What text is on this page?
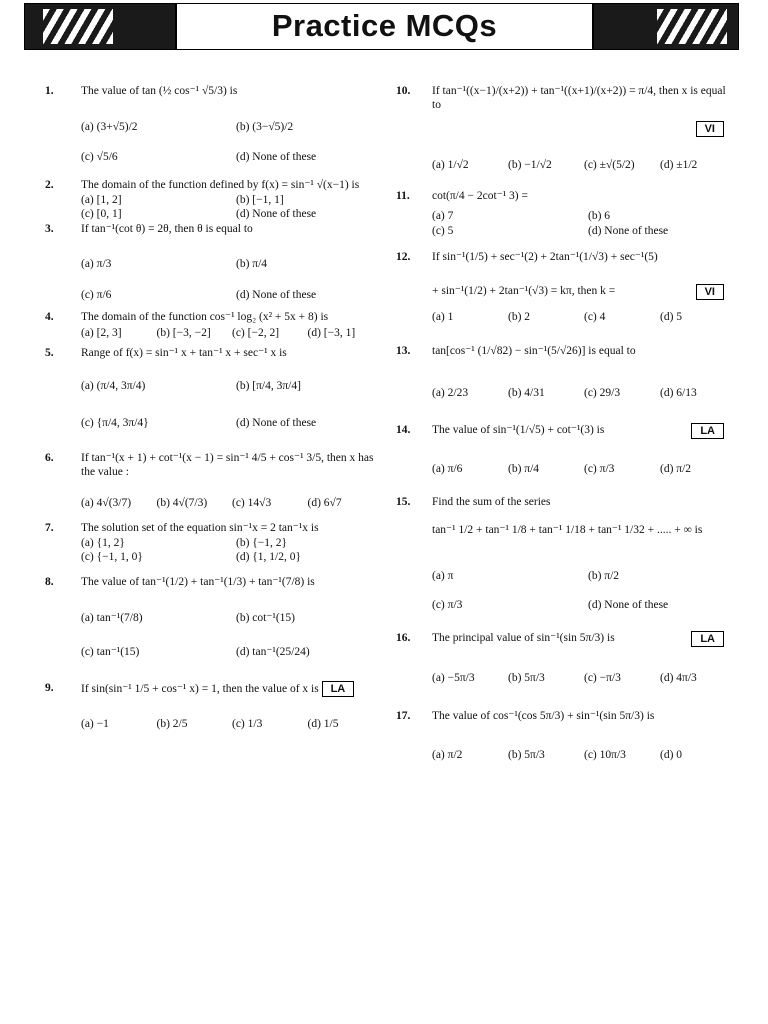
Practice MCQs
1. The value of tan (½ cos⁻¹ √5/3) is
(a) (3+√5)/2	(b) (3−√5)/2
(c) √5/6	(d) None of these
2. The domain of the function defined by f(x) = sin⁻¹ √(x−1) is
(a) [1, 2]	(b) [−1, 1]
(c) [0, 1]	(d) None of these
3. If tan⁻¹(cot θ) = 2θ, then θ is equal to
(a) π/3	(b) π/4
(c) π/6	(d) None of these
4. The domain of the function cos⁻¹ log₂ (x² + 5x + 8) is
(a) [2, 3]	(b) [−3, −2]	(c) [−2, 2]	(d) [−3, 1]
5. Range of f(x) = sin⁻¹ x + tan⁻¹ x + sec⁻¹ x is
(a) (π/4, 3π/4)	(b) [π/4, 3π/4]
(c) {π/4, 3π/4}	(d) None of these
6. If tan⁻¹(x + 1) + cot⁻¹(x − 1) = sin⁻¹ 4/5 + cos⁻¹ 3/5, then x has the value :
(a) 4√(3/7)	(b) 4√(7/3)	(c) 14√3	(d) 6√7
7. The solution set of the equation sin⁻¹x = 2 tan⁻¹x is
(a) {1, 2}	(b) {−1, 2}
(c) {−1, 1, 0}	(d) {1, 1/2, 0}
8. The value of tan⁻¹(1/2) + tan⁻¹(1/3) + tan⁻¹(7/8) is
(a) tan⁻¹(7/8)	(b) cot⁻¹(15)
(c) tan⁻¹(15)	(d) tan⁻¹(25/24)
9. If sin(sin⁻¹ 1/5 + cos⁻¹ x) = 1, then the value of x is LA
(a) −1	(b) 2/5	(c) 1/3	(d) 1/5
10. If tan⁻¹((x−1)/(x+2)) + tan⁻¹((x+1)/(x+2)) = π/4, then x is equal to
VI
(a) 1/√2	(b) −1/√2	(c) ±√(5/2)	(d) ±1/2
11. cot(π/4 − 2cot⁻¹ 3) =
(a) 7	(b) 6
(c) 5	(d) None of these
12. If sin⁻¹(1/5) + sec⁻¹(2) + 2tan⁻¹(1/√3) + sec⁻¹(5)
+ sin⁻¹(1/2) + 2tan⁻¹(√3) = kπ, then k =	VI
(a) 1	(b) 2	(c) 4	(d) 5
13. tan[cos⁻¹ (1/√82) − sin⁻¹(5/√26)] is equal to
(a) 2/23	(b) 4/31	(c) 29/3	(d) 6/13
14. The value of sin⁻¹(1/√5) + cot⁻¹(3) is	LA
(a) π/6	(b) π/4	(c) π/3	(d) π/2
15. Find the sum of the series
tan⁻¹ 1/2 + tan⁻¹ 1/8 + tan⁻¹ 1/18 + tan⁻¹ 1/32 + ..... + ∞ is
(a) π	(b) π/2
(c) π/3	(d) None of these
16. The principal value of sin⁻¹(sin 5π/3) is	LA
(a) −5π/3	(b) 5π/3	(c) −π/3	(d) 4π/3
17. The value of cos⁻¹(cos 5π/3) + sin⁻¹(sin 5π/3) is
(a) π/2	(b) 5π/3	(c) 10π/3	(d) 0
